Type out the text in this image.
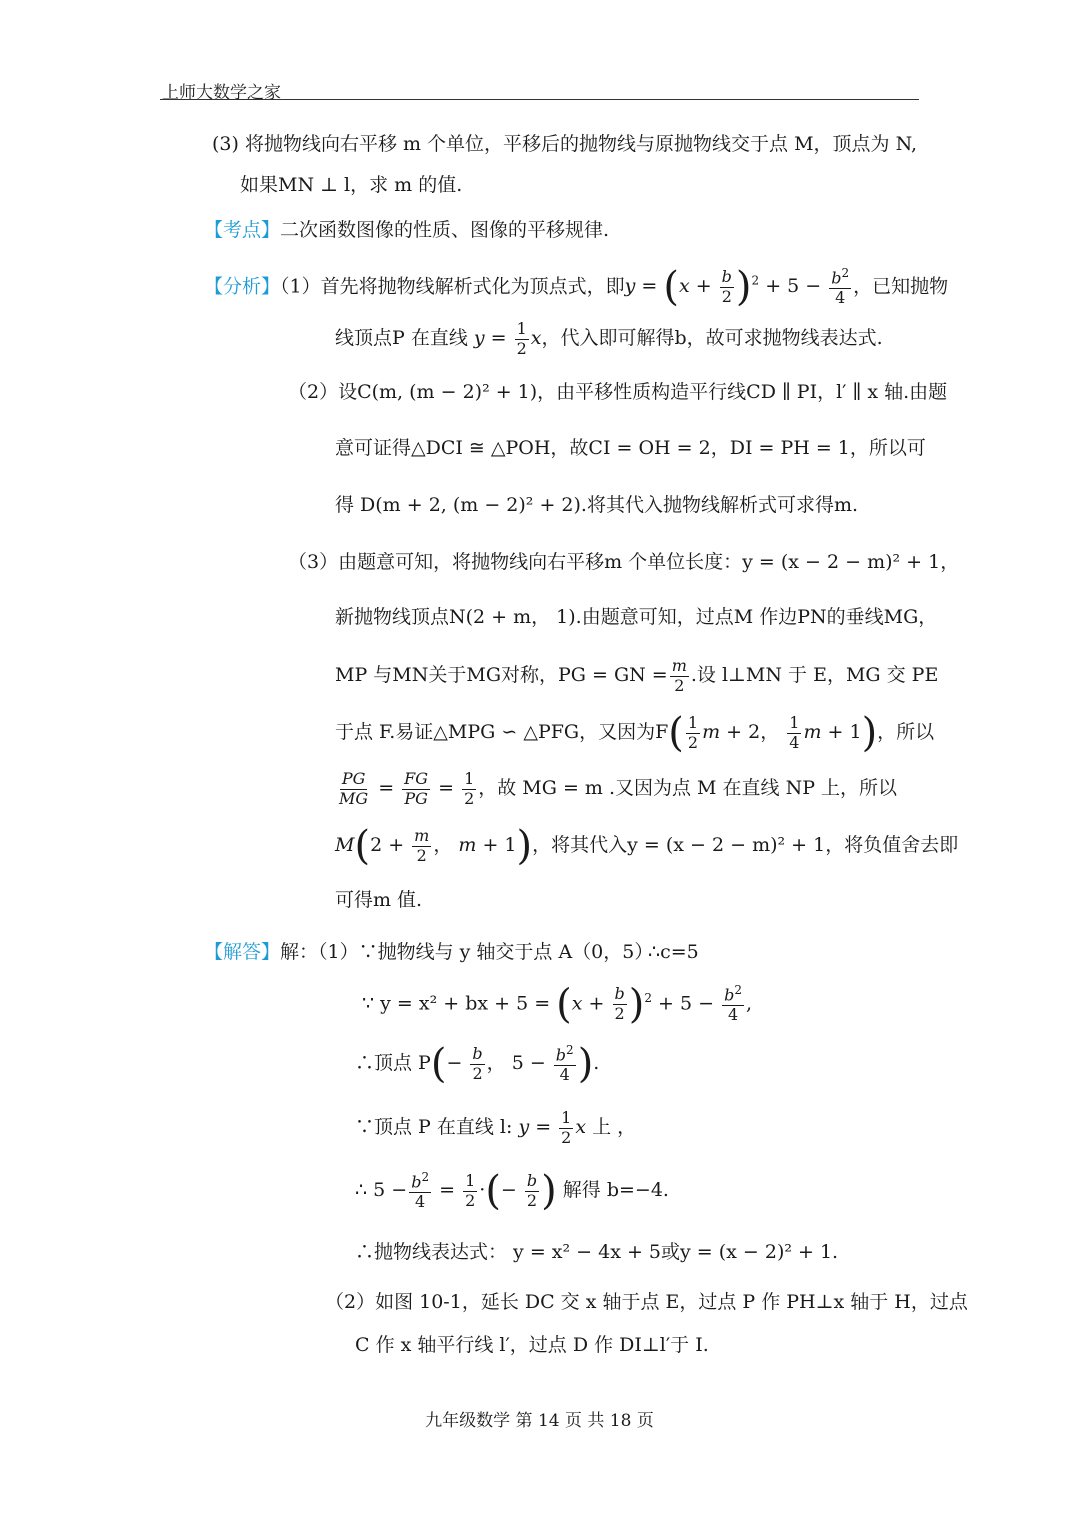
上师大数学之家
(3) 将抛物线向右平移 m 个单位，平移后的抛物线与原抛物线交于点 M，顶点为 N,
如果MN ⊥ l，求 m 的值.
【考点】二次函数图像的性质、图像的平移规律.
【分析】（1）首先将抛物线解析式化为顶点式，即$y = (x + \frac{b}{2} )^2 + 5 - \frac{b^2}{4}$ ，已知抛物
线顶点P 在直线 $y = \frac{1}{2}$ x，代入即可解得b，故可求抛物线表达式.
（2）设C(m, (m − 2)² + 1)，由平移性质构造平行线CD ∥ PI，l′ ∥ x 轴.由题
意可证得△DCI ≅ △POH，故CI = OH = 2，DI = PH = 1，所以可
得 D(m + 2, (m − 2)² + 2).将其代入抛物线解析式可求得m.
（3）由题意可知，将抛物线向右平移m 个单位长度：y = (x − 2 − m)² + 1，
新抛物线顶点N(2 + m， 1).由题意可知，过点M 作边PN的垂线MG，
MP 与MN关于MG对称，PG = GN = $\frac{m}{2}$ .设 l⊥MN 于 E，MG 交 PE
于点 F.易证△MPG ∽ △PFG，又因为$F( \frac{1}{2}$ m + 2， $\frac{1}{4}$ m + 1)，所以
$\frac{PG}{MG} = \frac{FG}{PG} = \frac{1}{2}$ ，故 MG = m .又因为点 M 在直线 NP 上，所以
$M(2 + \frac{m}{2}$ ， m + 1)，将其代入y = (x − 2 − m)² + 1，将负值舍去即
可得m 值.
【解答】解：（1）∵抛物线与 y 轴交于点 A（0，5）
∴c=5
∵ y = x² + bx + $5 = (x + \frac{b}{2} )^2 + 5 - \frac{b^2}{4}$ ,
∴顶点 $P(- \frac{b}{2}$ ， $5 - \frac{b^2}{4}$ ).
∵顶点 P 在直线 l: $y = \frac{1}{2}$ x 上 ，
∴ $5 - \frac{b^2}{4} = \frac{1}{2}$ ·(− $\frac{b}{2}$ ) 解得 b=−4.
∴抛物线表达式： y = x² − 4x + 5或y = (x − 2)² + 1.
（2）如图 10-1，延长 DC 交 x 轴于点 E，过点 P 作 PH⊥x 轴于 H，过点
C 作 x 轴平行线 l′，过点 D 作 DI⊥l′于 I.
九年级数学 第 14 页 共 18 页
